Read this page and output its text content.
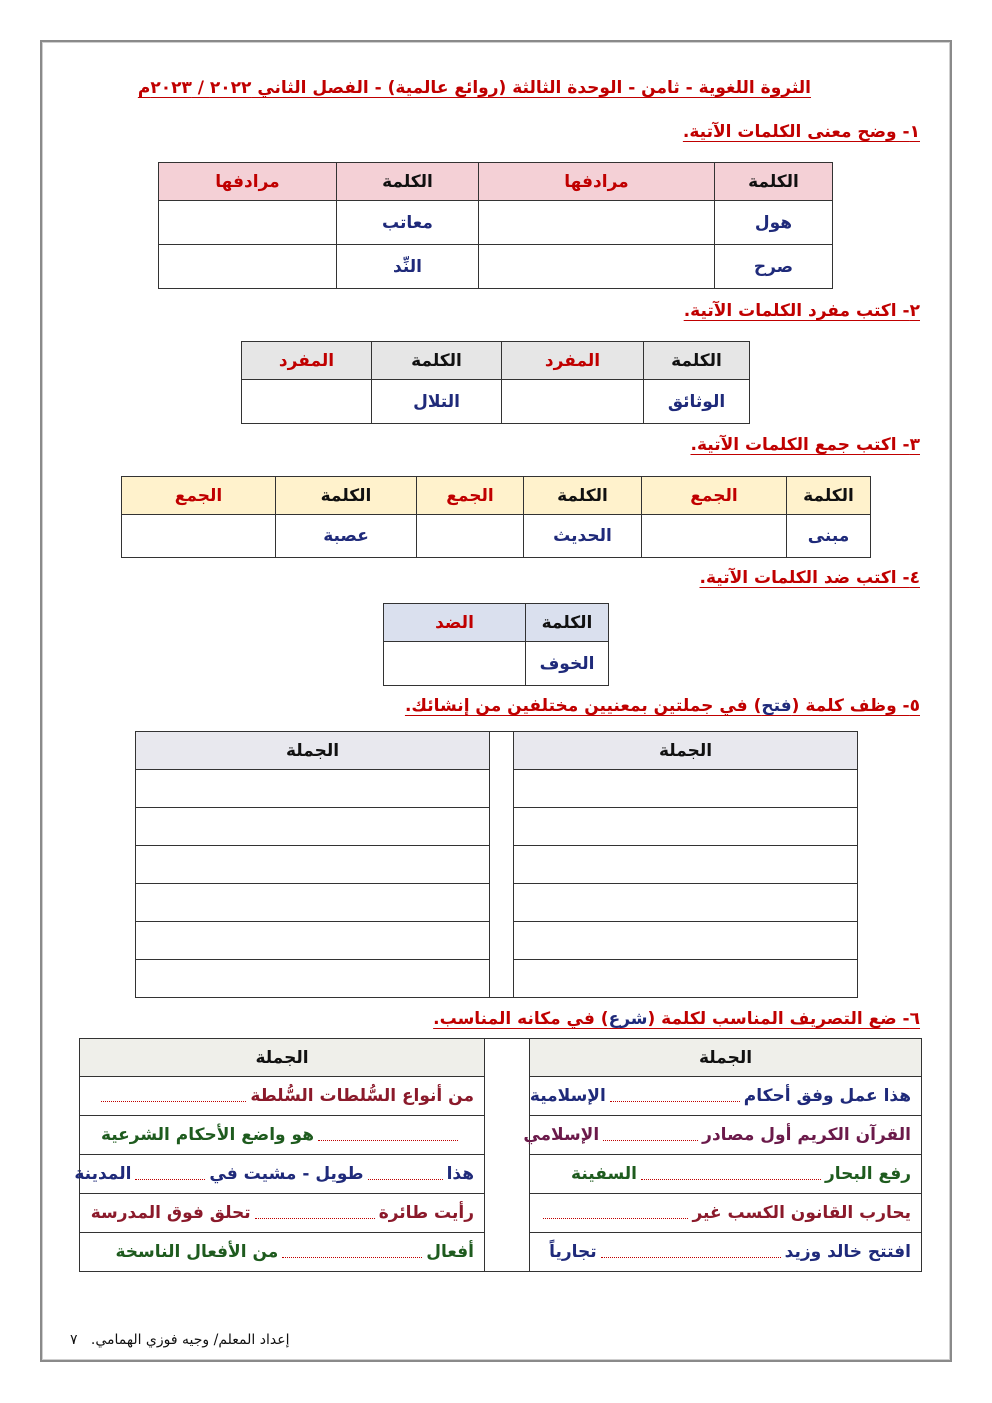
الثروة اللغوية - ثامن - الوحدة الثالثة (روائع عالمية) - الفصل الثاني ٢٠٢٢ / ٢٠٢٣م
١- وضح معنى الكلمات الآتية.
الكلمة	مرادفها	الكلمة	مرادفها
هول		معاتب	
صرح		النِّد	
٢- اكتب مفرد الكلمات الآتية.
الكلمة	المفرد	الكلمة	المفرد
الوثائق		التلال	
٣- اكتب جمع الكلمات الآتية.
الكلمة	الجمع	الكلمة	الجمع	الكلمة	الجمع
مبنى		الحديث		عصبة	
٤- اكتب ضد الكلمات الآتية.
الكلمة	الضد
الخوف	
٥- وظف كلمة (فتح) في جملتين بمعنيين مختلفين من إنشائك.
الجملة		الجملة

٦- ضع التصريف المناسب لكلمة (شرع) في مكانه المناسب.
الجملة		الجملة
هذا عمل وفق أحكامالإسلامية		من أنواع السُّلطات السُّلطة
القرآن الكريم أول مصادرالإسلامي		هو واضع الأحكام الشرعية
رفع البحارالسفينة		هذاطويل - مشيت فيالمدينة
يحارب القانون الكسب غير		رأيت طائرةتحلق فوق المدرسة
افتتح خالد وزيدتجارياً		أفعالمن الأفعال الناسخة
إعداد المعلم/ وجيه فوزي الهمامي.   ٧
